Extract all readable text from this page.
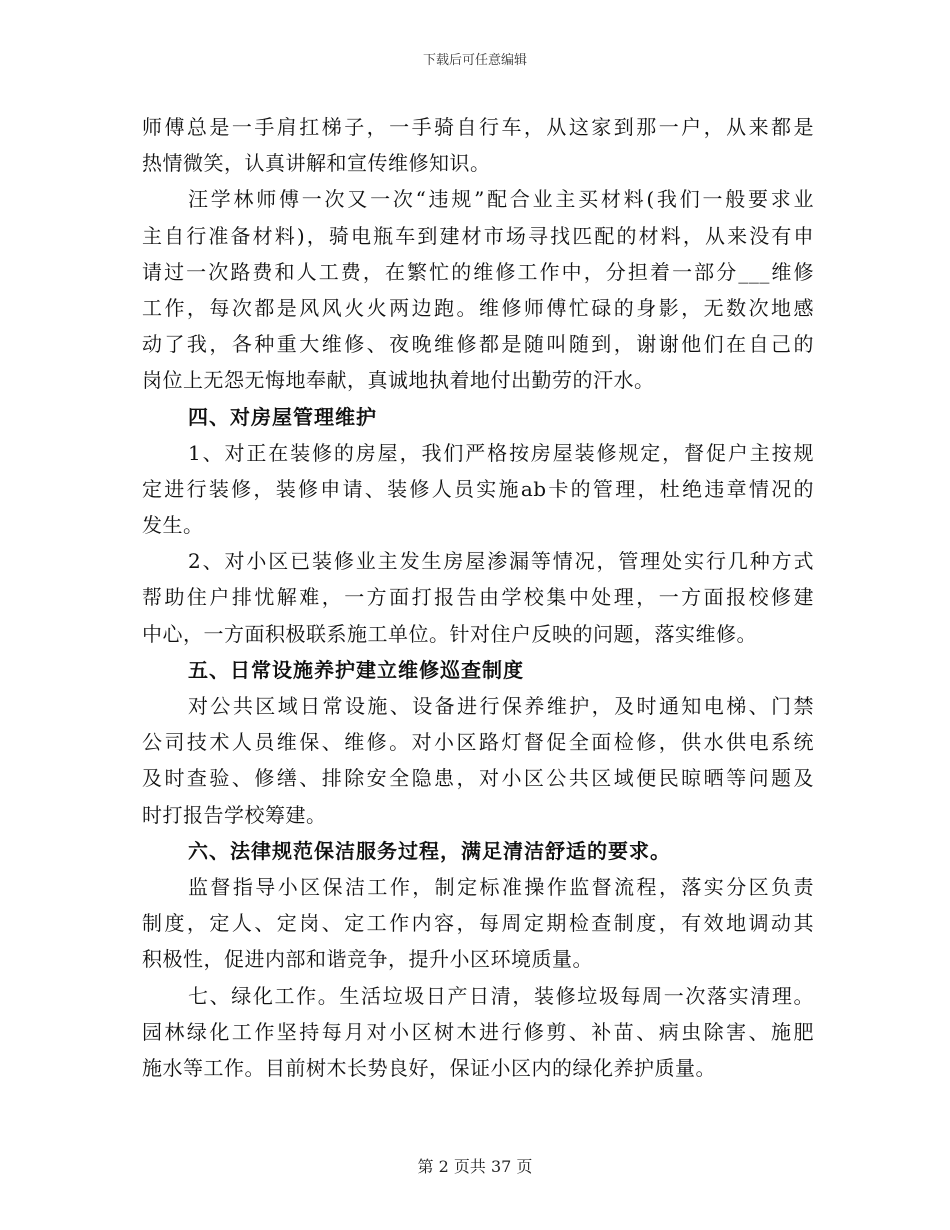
下载后可任意编辑
师傅总是一手肩扛梯子，一手骑自行车，从这家到那一户，从来都是
热情微笑，认真讲解和宣传维修知识。
汪学林师傅一次又一次“违规”配合业主买材料(我们一般要求业
主自行准备材料)，骑电瓶车到建材市场寻找匹配的材料，从来没有申
请过一次路费和人工费，在繁忙的维修工作中，分担着一部分___维修
工作，每次都是风风火火两边跑。维修师傅忙碌的身影，无数次地感
动了我，各种重大维修、夜晚维修都是随叫随到，谢谢他们在自己的
岗位上无怨无悔地奉献，真诚地执着地付出勤劳的汗水。
四、对房屋管理维护
1、对正在装修的房屋，我们严格按房屋装修规定，督促户主按规
定进行装修，装修申请、装修人员实施ab卡的管理，杜绝违章情况的
发生。
2、对小区已装修业主发生房屋渗漏等情况，管理处实行几种方式
帮助住户排忧解难，一方面打报告由学校集中处理，一方面报校修建
中心，一方面积极联系施工单位。针对住户反映的问题，落实维修。
五、日常设施养护建立维修巡查制度
对公共区域日常设施、设备进行保养维护，及时通知电梯、门禁
公司技术人员维保、维修。对小区路灯督促全面检修，供水供电系统
及时查验、修缮、排除安全隐患，对小区公共区域便民晾晒等问题及
时打报告学校筹建。
六、法律规范保洁服务过程，满足清洁舒适的要求。
监督指导小区保洁工作，制定标准操作监督流程，落实分区负责
制度，定人、定岗、定工作内容，每周定期检查制度，有效地调动其
积极性，促进内部和谐竞争，提升小区环境质量。
七、绿化工作。生活垃圾日产日清，装修垃圾每周一次落实清理。
园林绿化工作坚持每月对小区树木进行修剪、补苗、病虫除害、施肥
施水等工作。目前树木长势良好，保证小区内的绿化养护质量。
第 2 页共 37 页
